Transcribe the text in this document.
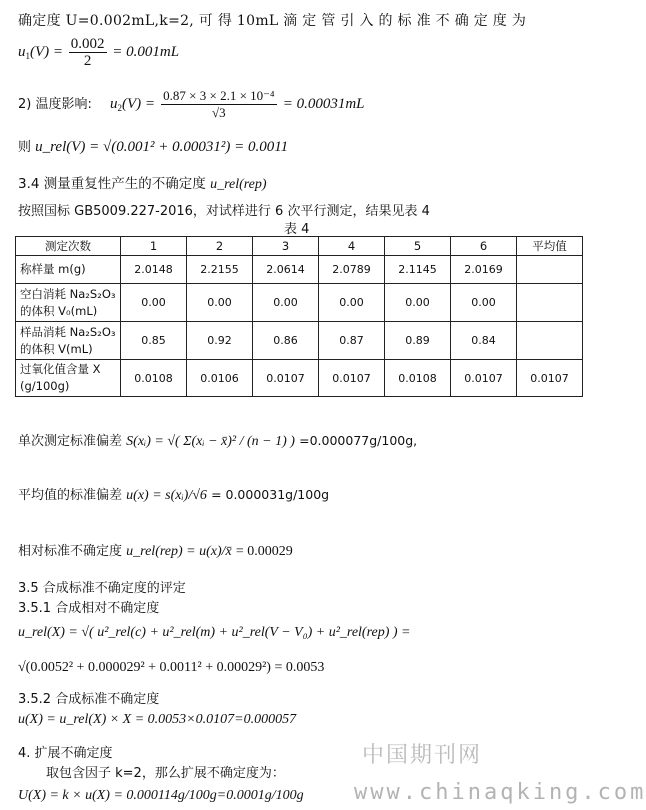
确定度 U=0.002mL,k=2, 可 得 10mL 滴 定 管 引 入 的 标 准 不 确 定 度 为
$u_1(V) = \frac{0.002}{2} = 0.001mL$
2) 温度影响: $u_2(V) = \frac{\text{0.87 × 3 × 2.1 × 10⁻⁴}}{√3} = 0.00031mL$
则 u_rel(V) = √(0.001² + 0.00031²) = 0.0011
3.4 测量重复性产生的不确定度 u_rel(rep)
按照国标 GB5009.227-2016，对试样进行 6 次平行测定，结果见表 4
表 4
测定次数	1	2	3	4	5	6	平均值
称样量 m(g)	2.0148	2.2155	2.0614	2.0789	2.1145	2.0169	
空白消耗 Na₂S₂O₃ 的体积 V₀(mL)	0.00	0.00	0.00	0.00	0.00	0.00	
样品消耗 Na₂S₂O₃ 的体积 V(mL)	0.85	0.92	0.86	0.87	0.89	0.84	
过氧化值含量 X (g/100g)	0.0108	0.0106	0.0107	0.0107	0.0108	0.0107	0.0107
单次测定标准偏差 S(xᵢ) = √( Σ(xᵢ − x̄)² / (n − 1) ) =0.000077g/100g,
平均值的标准偏差 u(x) = s(xᵢ)/√6 = 0.000031g/100g
相对标准不确定度 u_rel(rep) = u(x)/x̄ = 0.00029
3.5 合成标准不确定度的评定
3.5.1 合成相对不确定度
u_rel(X) = √( u²_rel(c) + u²_rel(m) + u²_rel(V − V₀) + u²_rel(rep) ) =
√(0.0052² + 0.000029² + 0.0011² + 0.00029²) = 0.0053
3.5.2 合成标准不确定度
u(X) = u_rel(X) × X = 0.0053×0.0107=0.000057
4. 扩展不确定度
取包含因子 k=2，那么扩展不确定度为：
U(X) = k × u(X) = 0.000114g/100g=0.0001g/100g
中国期刊网
www.chinaqking.com
